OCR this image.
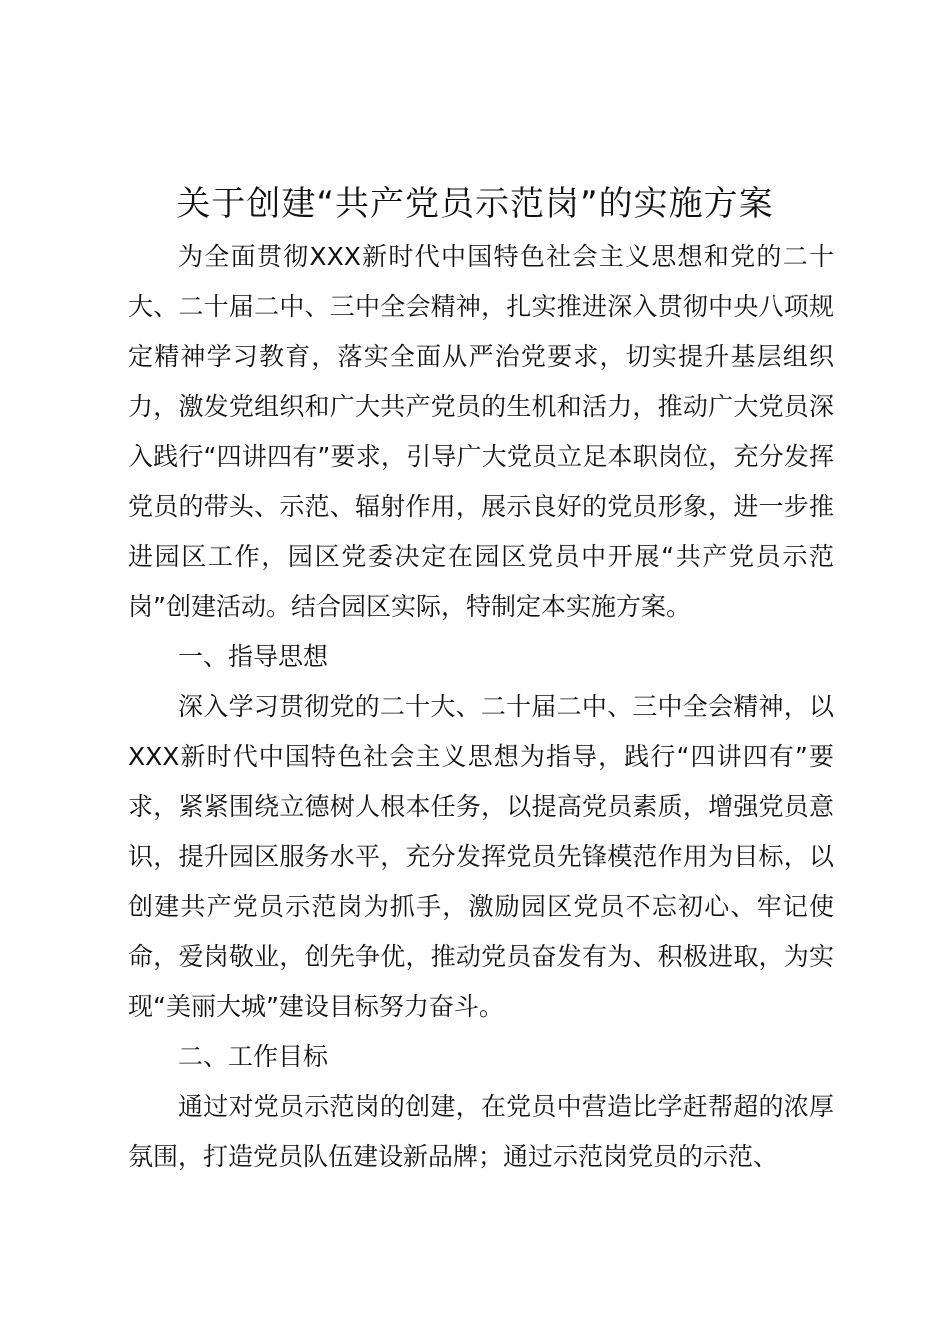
关于创建“共产党员示范岗”的实施方案

为全面贯彻XXX新时代中国特色社会主义思想和党的二十大、二十届二中、三中全会精神，扎实推进深入贯彻中央八项规定精神学习教育，落实全面从严治党要求，切实提升基层组织力，激发党组织和广大共产党员的生机和活力，推动广大党员深入践行“四讲四有”要求，引导广大党员立足本职岗位，充分发挥党员的带头、示范、辐射作用，展示良好的党员形象，进一步推进园区工作，园区党委决定在园区党员中开展“共产党员示范岗”创建活动。结合园区实际，特制定本实施方案。

一、指导思想

深入学习贯彻党的二十大、二十届二中、三中全会精神，以XXX新时代中国特色社会主义思想为指导，践行“四讲四有”要求，紧紧围绕立德树人根本任务，以提高党员素质，增强党员意识，提升园区服务水平，充分发挥党员先锋模范作用为目标，以创建共产党员示范岗为抓手，激励园区党员不忘初心、牢记使命，爱岗敬业，创先争优，推动党员奋发有为、积极进取，为实现“美丽大城”建设目标努力奋斗。

二、工作目标

通过对党员示范岗的创建，在党员中营造比学赶帮超的浓厚氛围，打造党员队伍建设新品牌；通过示范岗党员的示范、
